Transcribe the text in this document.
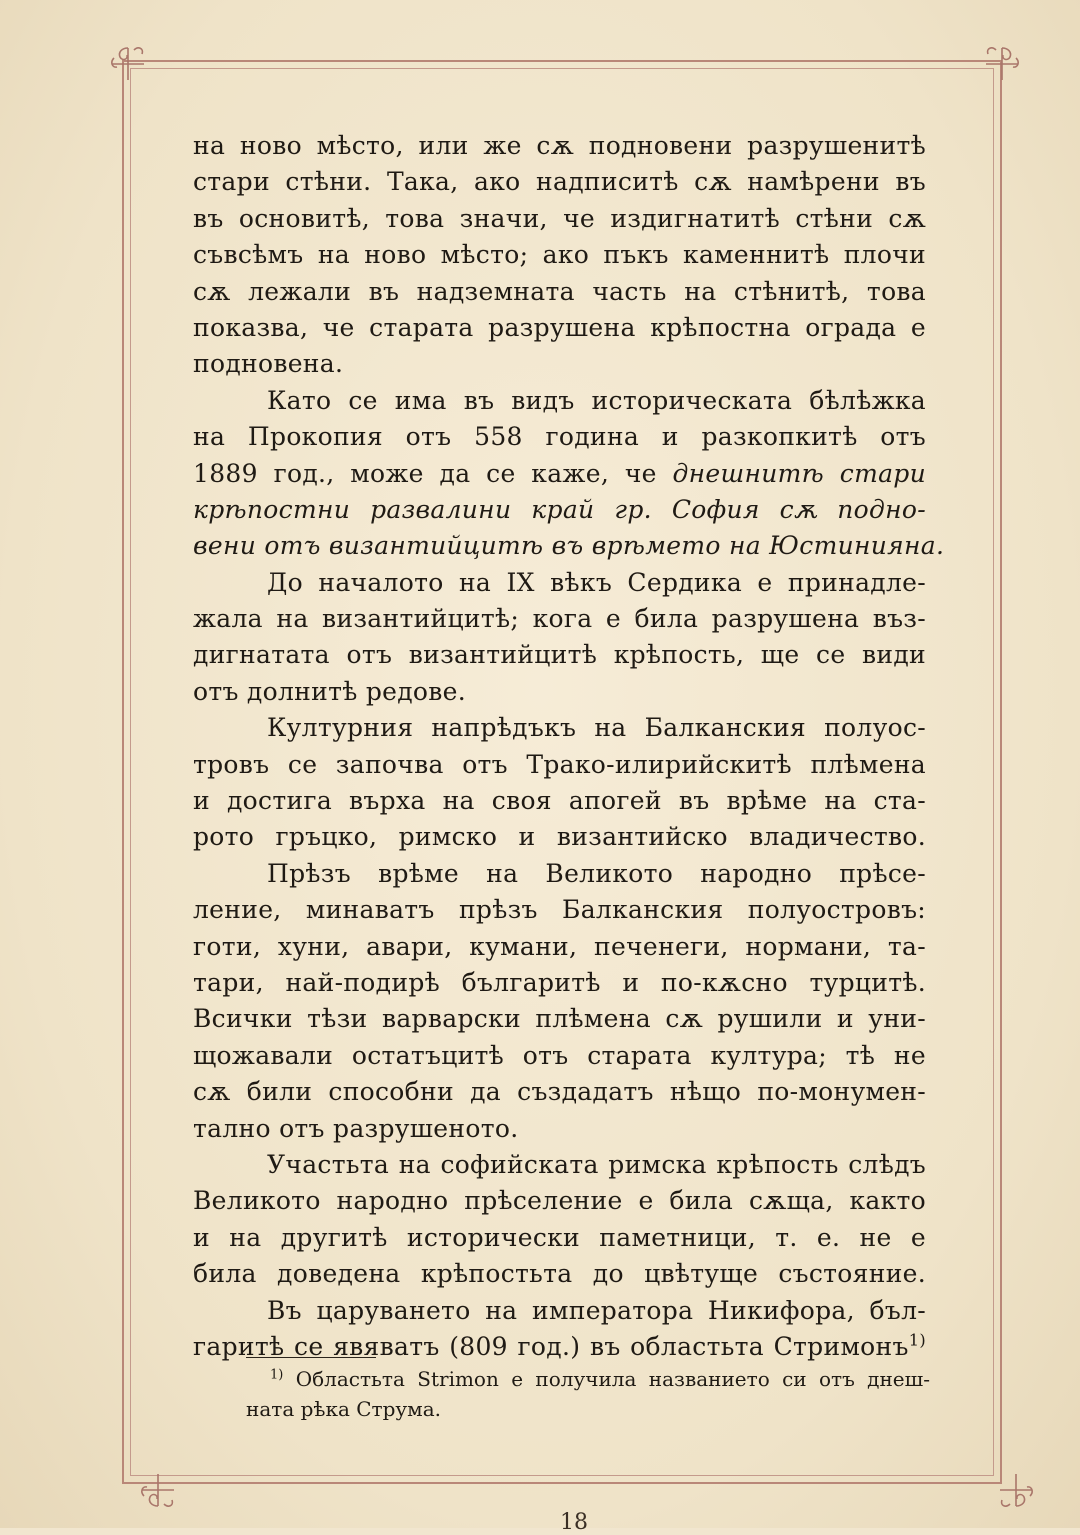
на ново мѣсто, или же сѫ подновени разрушенитѣ
стари стѣни. Така, ако надписитѣ сѫ намѣрени въ
въ основитѣ, това значи, че издигнатитѣ стѣни сѫ
съвсѣмъ на ново мѣсто; ако пъкъ каменнитѣ плочи
сѫ лежали въ надземната часть на стѣнитѣ, това
показва, че старата разрушена крѣпостна ограда е
подновена.
Като се има въ видъ историческата бѣлѣжка
на Прокопия отъ 558 година и разкопкитѣ отъ
1889 год., може да се каже, че днешнитѣ стари
крѣпостни развалини край гр. София сѫ подно-
вени отъ византийцитѣ въ врѣмето на Юстинияна.
До началото на IX вѣкъ Сердика е принадле-
жала на византийцитѣ; кога е била разрушена въз-
дигнатата отъ византийцитѣ крѣпость, ще се види
отъ долнитѣ редове.
Културния напрѣдъкъ на Балканския полуос-
тровъ се започва отъ Трако-илирийскитѣ плѣмена
и достига върха на своя апогей въ врѣме на ста-
рото гръцко, римско и византийско владичество.
Прѣзъ врѣме на Великото народно прѣсе-
ление, минаватъ прѣзъ Балканския полуостровъ:
готи, хуни, авари, кумани, печенеги, нормани, та-
тари, най-подирѣ българитѣ и по-кѫсно турцитѣ.
Всички тѣзи варварски плѣмена сѫ рушили и уни-
щожавали остатъцитѣ отъ старата култура; тѣ не
сѫ били способни да създадатъ нѣщо по-монумен-
тално отъ разрушеното.
Участьта на софийската римска крѣпость слѣдъ
Великото народно прѣселение е била сѫща, както
и на другитѣ исторически паметници, т. е. не е
била доведена крѣпостьта до цвѣтуще състояние.
Въ царуването на императора Никифора, бъл-
гаритѣ се явяватъ (809 год.) въ областьта Стримонъ$^{1)}$
$^{1)}$ Областьта Strimon е получила названието си отъ днеш-
ната рѣка Струма.
18
